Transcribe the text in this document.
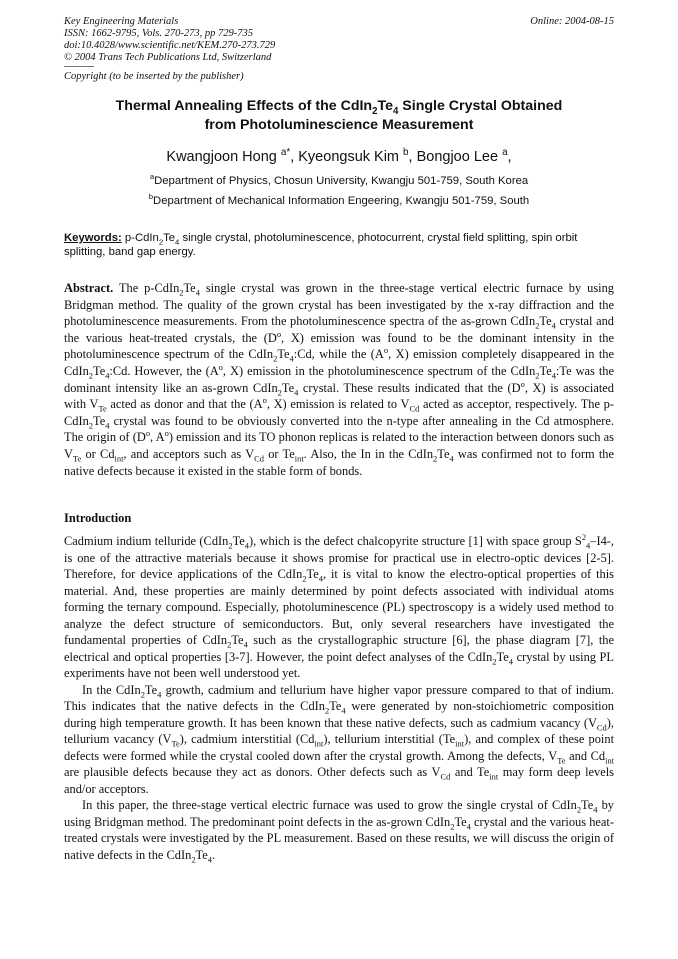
Key Engineering Materials
ISSN: 1662-9795, Vols. 270-273, pp 729-735
doi:10.4028/www.scientific.net/KEM.270-273.729
© 2004 Trans Tech Publications Ltd, Switzerland
Online: 2004-08-15
Copyright (to be inserted by the publisher)
Thermal Annealing Effects of the $CdIn_2Te_4$ Single Crystal Obtained
from Photoluminescience Measurement
Kwangjoon Hong $^{a*}$, Kyeongsuk Kim $^b$, Bongjoo Lee $^a$,
$^a$Department of Physics, Chosun University, Kwangju 501-759, South Korea
$^b$Department of Mechanical Information Engeering, Kwangju 501-759, South
Keywords: $p-CdIn_2Te_4$ single crystal, photoluminescence, photocurrent, crystal field splitting, spin orbit splitting, band gap energy.

Abstract. The $p-CdIn_2Te_4$ single crystal was grown in the three-stage vertical electric furnace by using Bridgman method. The quality of the grown crystal has been investigated by the x-ray diffraction and the photoluminescence measurements. From the photoluminescence spectra of the as-grown $CdIn_2Te_4$ crystal and the various heat-treated crystals, the ($D^o$, X) emission was found to be the dominant intensity in the photoluminescence spectrum of the $CdIn_2Te_4:Cd$, while the ($A^o$, X) emission completely disappeared in the $CdIn_2Te_4:Cd$. However, the ($A^o$, X) emission in the photoluminescence spectrum of the $CdIn_2Te_4:Te$ was the dominant intensity like an as-grown $CdIn_2Te_4$ crystal. These results indicated that the ($D^o$, X) is associated with $V_{Te}$ acted as donor and that the ($A^o$, X) emission is related to $V_{Cd}$ acted as acceptor, respectively. The $p-CdIn_2Te_4$ crystal was found to be obviously converted into the n-type after annealing in the Cd atmosphere. The origin of ($D^o$, $A^o$) emission and its TO phonon replicas is related to the interaction between donors such as $V_{Te}$ or $Cd_{int}$, and acceptors such as $V_{Cd}$ or $Te_{int}$. Also, the In in the $CdIn_2Te_4$ was confirmed not to form the native defects because it existed in the stable form of bonds.

Introduction

Cadmium indium telluride $(CdIn_2Te_4)$, which is the defect chalcopyrite structure [1] with space group $S^2_4-I4-$, is one of the attractive materials because it shows promise for practical use in electro-optic devices [2-5]. Therefore, for device applications of the $CdIn_2Te_4$, it is vital to know the electro-optical properties of this material. And, these properties are mainly determined by point defects associated with individual atoms forming the ternary compound. Especially, photoluminescence (PL) spectroscopy is a widely used method to analyze the defect structure of semiconductors. But, only several researchers have investigated the fundamental properties of $CdIn_2Te_4$ such as the crystallographic structure [6], the phase diagram [7], the electrical and optical properties [3-7]. However, the point defect analyses of the $CdIn_2Te_4$ crystal by using PL experiments have not been well understood yet.

In the $CdIn_2Te_4$ growth, cadmium and tellurium have higher vapor pressure compared to that of indium. This indicates that the native defects in the $CdIn_2Te_4$ were generated by non-stoichiometric composition during high temperature growth. It has been known that these native defects, such as cadmium vacancy $(V_{Cd})$, tellurium vacancy $(V_{Te})$, cadmium interstitial $(Cd_{int})$, tellurium interstitial $(Te_{int})$, and complex of these point defects were formed while the crystal cooled down after the crystal growth. Among the defects, $V_{Te}$ and $Cd_{int}$ are plausible defects because they act as donors. Other defects such as $V_{Cd}$ and $Te_{int}$ may form deep levels and/or acceptors.

In this paper, the three-stage vertical electric furnace was used to grow the single crystal of $CdIn_2Te_4$ by using Bridgman method. The predominant point defects in the as-grown $CdIn_2Te_4$ crystal and the various heat-treated crystals were investigated by the PL measurement. Based on these results, we will discuss the origin of native defects in the $CdIn_2Te_4$.
